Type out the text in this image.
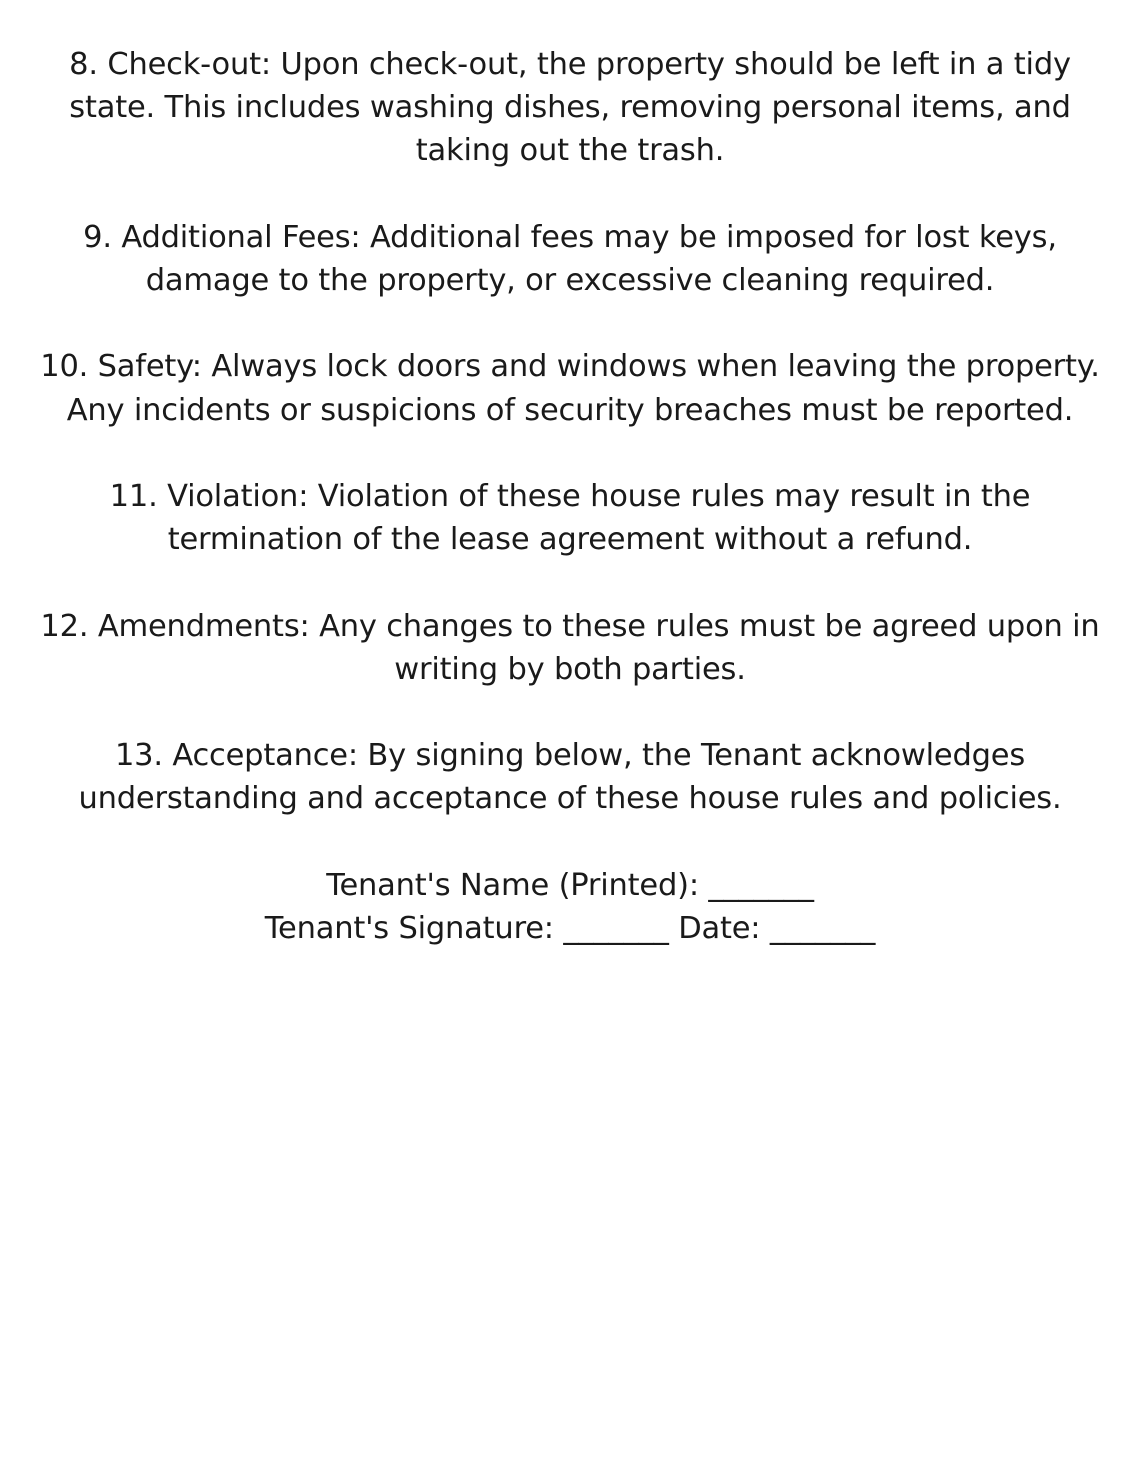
8. Check-out: Upon check-out, the property should be left in a tidy
state. This includes washing dishes, removing personal items, and
taking out the trash.
9. Additional Fees: Additional fees may be imposed for lost keys,
damage to the property, or excessive cleaning required.
10. Safety: Always lock doors and windows when leaving the property.
Any incidents or suspicions of security breaches must be reported.
11. Violation: Violation of these house rules may result in the
termination of the lease agreement without a refund.
12. Amendments: Any changes to these rules must be agreed upon in
writing by both parties.
13. Acceptance: By signing below, the Tenant acknowledges
understanding and acceptance of these house rules and policies.
Tenant's Name (Printed): _______
Tenant's Signature: _______ Date: _______
